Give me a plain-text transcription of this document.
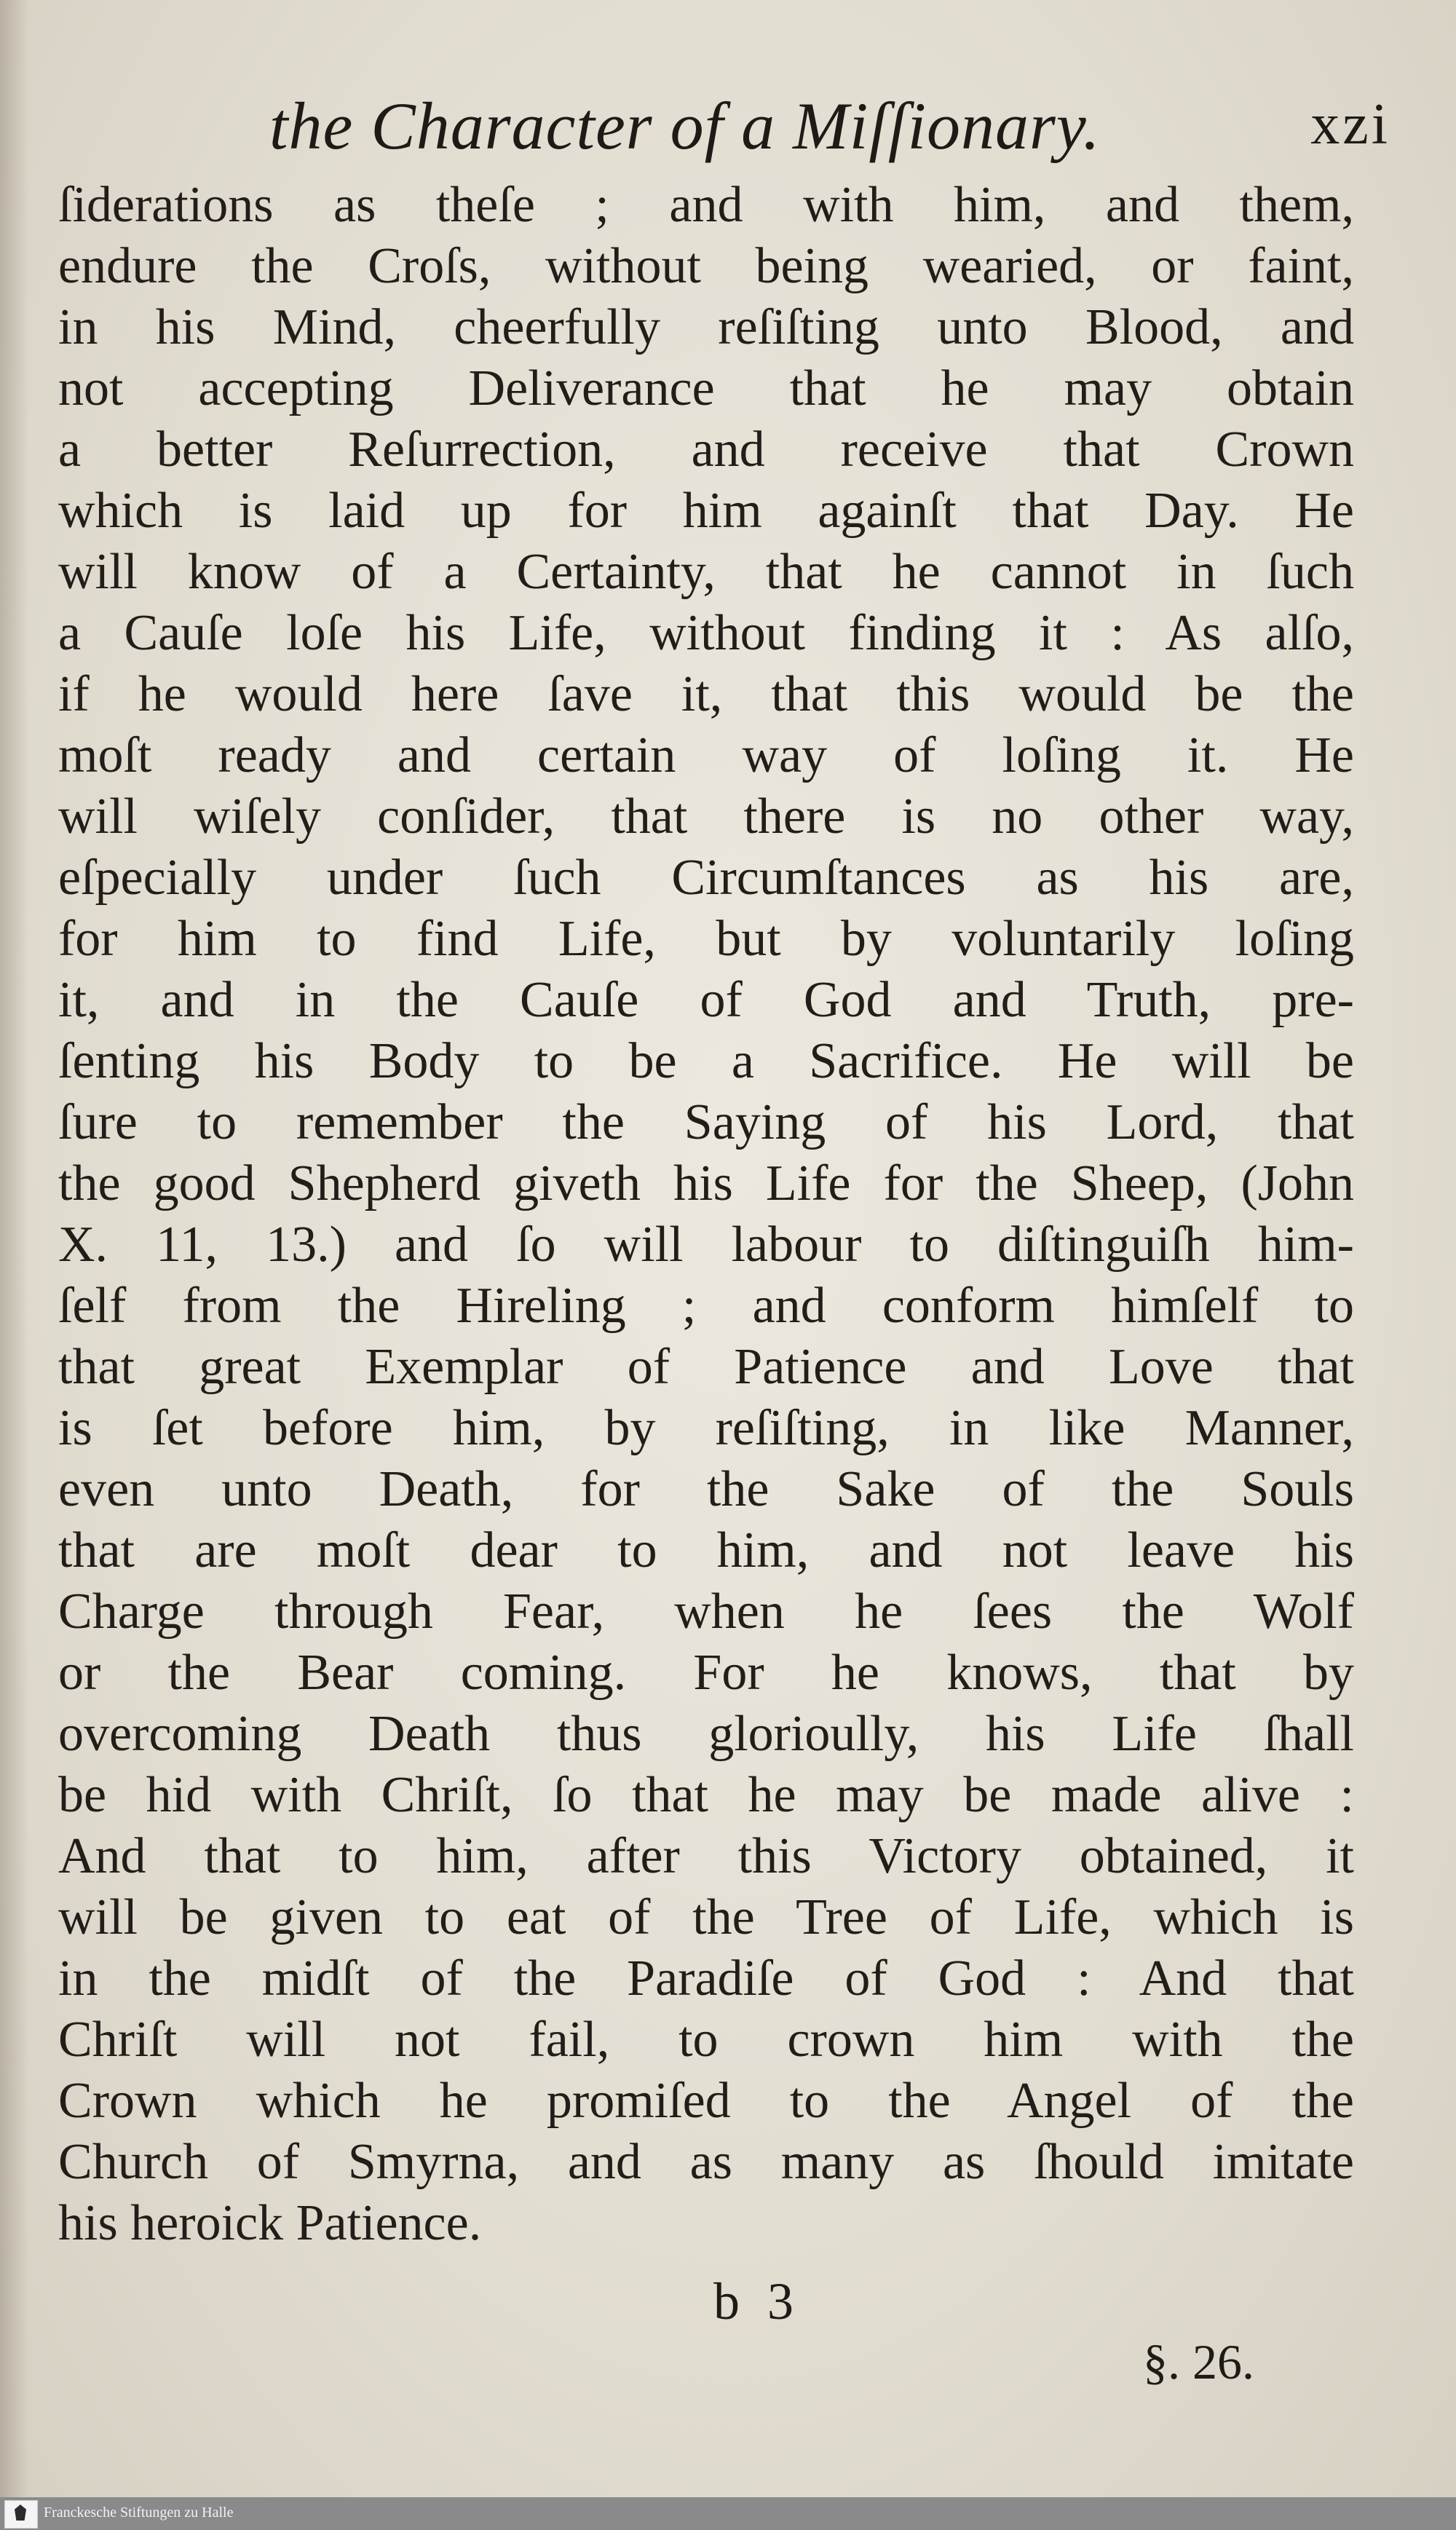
the Character of a Miſſionary.	xzi
ſiderations as theſe ; and with him, and them,
endure the Croſs, without being wearied, or faint,
in his Mind, cheerfully reſiſting unto Blood, and
not accepting Deliverance that he may obtain
a better Reſurrection, and receive that Crown
which is laid up for him againſt that Day. He
will know of a Certainty, that he cannot in ſuch
a Cauſe loſe his Life, without finding it : As alſo,
if he would here ſave it, that this would be the
moſt ready and certain way of loſing it. He
will wiſely conſider, that there is no other way,
eſpecially under ſuch Circumſtances as his are,
for him to find Life, but by voluntarily loſing
it, and in the Cauſe of God and Truth, pre-
ſenting his Body to be a Sacrifice. He will be
ſure to remember the Saying of his Lord, that
the good Shepherd giveth his Life for the Sheep, (John
X. 11, 13.) and ſo will labour to diſtinguiſh him-
ſelf from the Hireling ; and conform himſelf to
that great Exemplar of Patience and Love that
is ſet before him, by reſiſting, in like Manner,
even unto Death, for the Sake of the Souls
that are moſt dear to him, and not leave his
Charge through Fear, when he ſees the Wolf
or the Bear coming. For he knows, that by
overcoming Death thus glorioully, his Life ſhall
be hid with Chriſt, ſo that he may be made alive :
And that to him, after this Victory obtained, it
will be given to eat of the Tree of Life, which is
in the midſt of the Paradiſe of God : And that
Chriſt will not fail, to crown him with the
Crown which he promiſed to the Angel of the
Church of Smyrna, and as many as ſhould imitate
his heroick Patience.
b 3
§. 26.
Franckesche Stiftungen zu Halle
